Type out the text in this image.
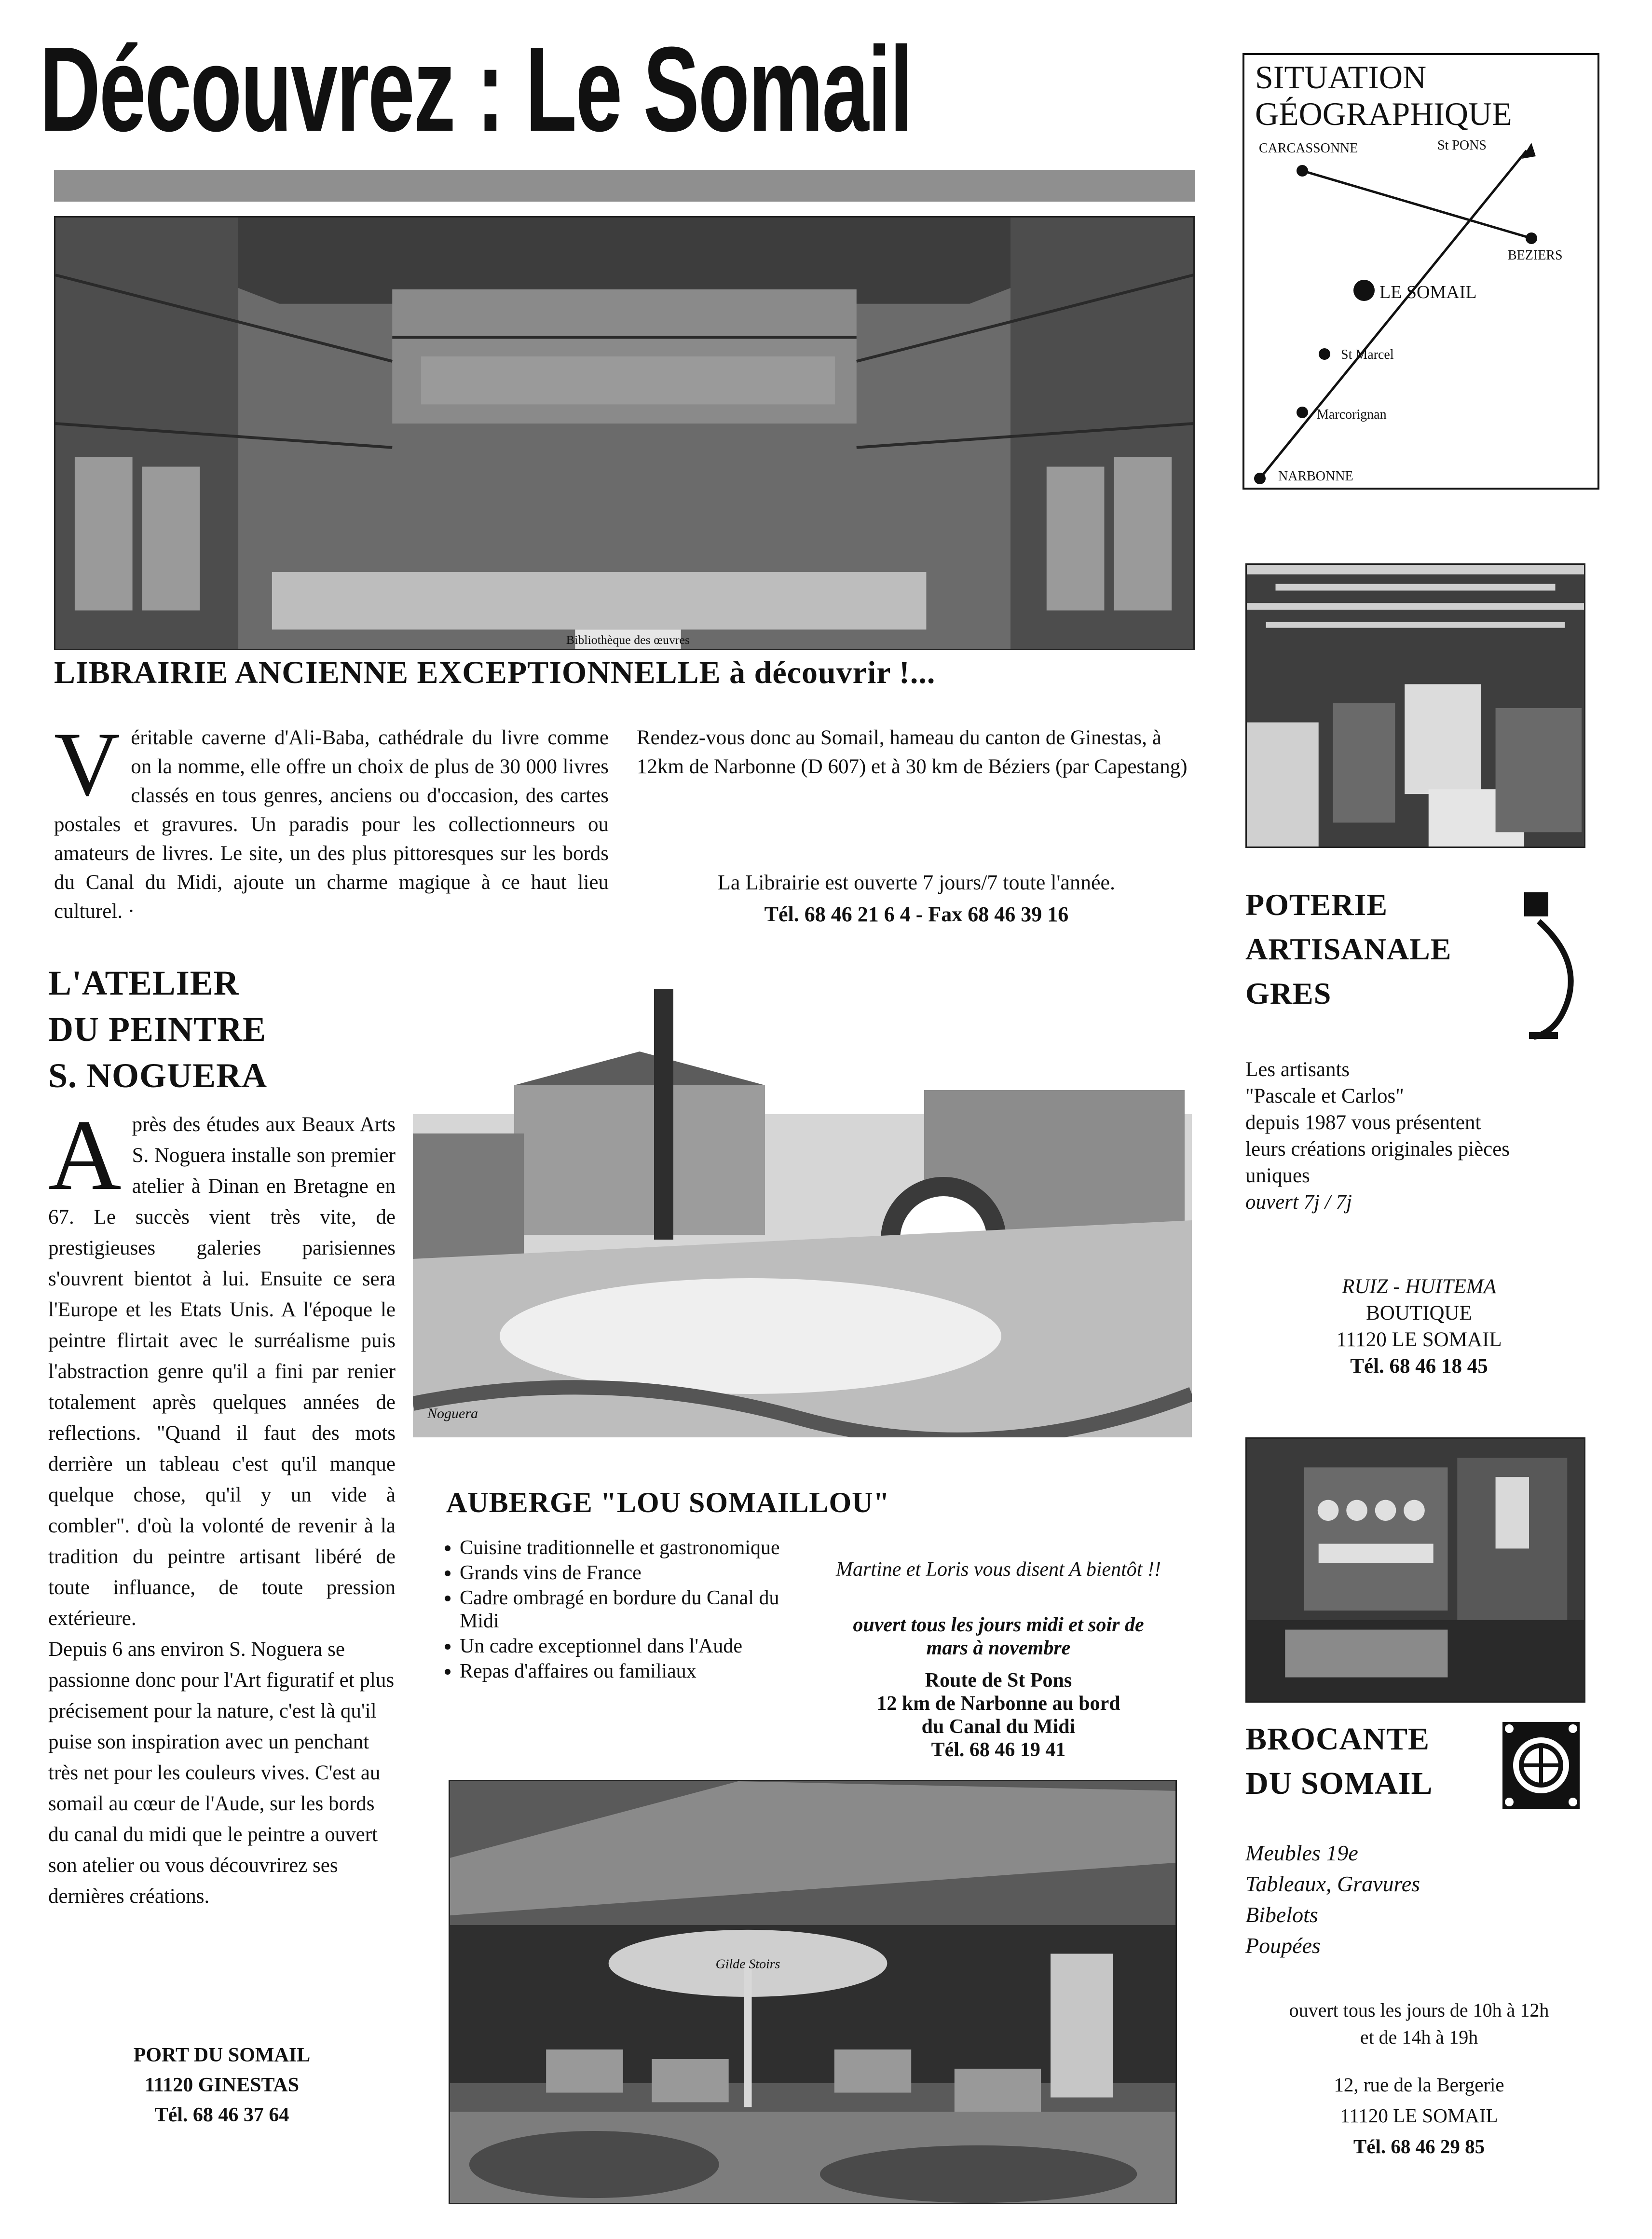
Découvrez : Le Somail	SITUATION
GÉOGRAPHIQUE
CARCASSONNE	St PONS
BEZIERS
LE SOMAIL
St Marcel
Marcorignan
NARBONNE
Bibliothèque des œuvres
LIBRAIRIE ANCIENNE EXCEPTIONNELLE à découvrir !...
Véritable caverne d'Ali-Baba, cathédrale du livre comme on la nomme, elle offre un choix de plus de 30 000 livres classés en tous genres, anciens ou d'occasion, des cartes postales et gravures. Un paradis pour les collectionneurs ou amateurs de livres. Le site, un des plus pittoresques sur les bords du Canal du Midi, ajoute un charme magique à ce haut lieu culturel. ·
Rendez-vous donc au Somail, hameau du canton de Ginestas, à 12km de Narbonne (D 607) et à 30 km de Béziers (par Capestang)
La Librairie est ouverte 7 jours/7 toute l'année.
Tél. 68 46 21 6 4 - Fax 68 46 39 16
L'ATELIER
DU PEINTRE
S. NOGUERA
Après des études aux Beaux Arts S. Noguera installe son premier atelier à Dinan en Bretagne en 67. Le succès vient très vite, de prestigieuses galeries parisiennes s'ouvrent bientot à lui. Ensuite ce sera l'Europe et les Etats Unis. A l'époque le peintre flirtait avec le surréalisme puis l'abstraction genre qu'il a fini par renier totalement après quelques années de reflections. "Quand il faut des mots derrière un tableau c'est qu'il manque quelque chose, qu'il y un vide à combler". d'où la volonté de revenir à la tradition du peintre artisant libéré de toute influance, de toute pression extérieure.
Depuis 6 ans environ S. Noguera se passionne donc pour l'Art figuratif et plus précisement pour la nature, c'est là qu'il puise son inspiration avec un penchant très net pour les couleurs vives. C'est au somail au cœur de l'Aude, sur les bords du canal du midi que le peintre a ouvert son atelier ou vous découvrirez ses dernières créations.
PORT DU SOMAIL
11120 GINESTAS
Tél. 68 46 37 64
Noguera
AUBERGE "LOU SOMAILLOU"
• Cuisine traditionnelle et gastronomique
• Grands vins de France
• Cadre ombragé en bordure du Canal du Midi
• Un cadre exceptionnel dans l'Aude
• Repas d'affaires ou familiaux
Martine et Loris vous disent A bientôt !!
ouvert tous les jours midi et soir de mars à novembre
Route de St Pons
12 km de Narbonne au bord
du Canal du Midi
Tél. 68 46 19 41
Gilde Stoirs
POTERIE
ARTISANALE
GRES
Les artisants
"Pascale et Carlos"
depuis 1987 vous présentent
leurs créations originales pièces
uniques
ouvert 7j / 7j
RUIZ - HUITEMA
BOUTIQUE
11120 LE SOMAIL
Tél. 68 46 18 45
BROCANTE
DU SOMAIL
Meubles 19e
Tableaux, Gravures
Bibelots
Poupées
ouvert tous les jours de 10h à 12h
et de 14h à 19h
12, rue de la Bergerie
11120 LE SOMAIL
Tél. 68 46 29 85
